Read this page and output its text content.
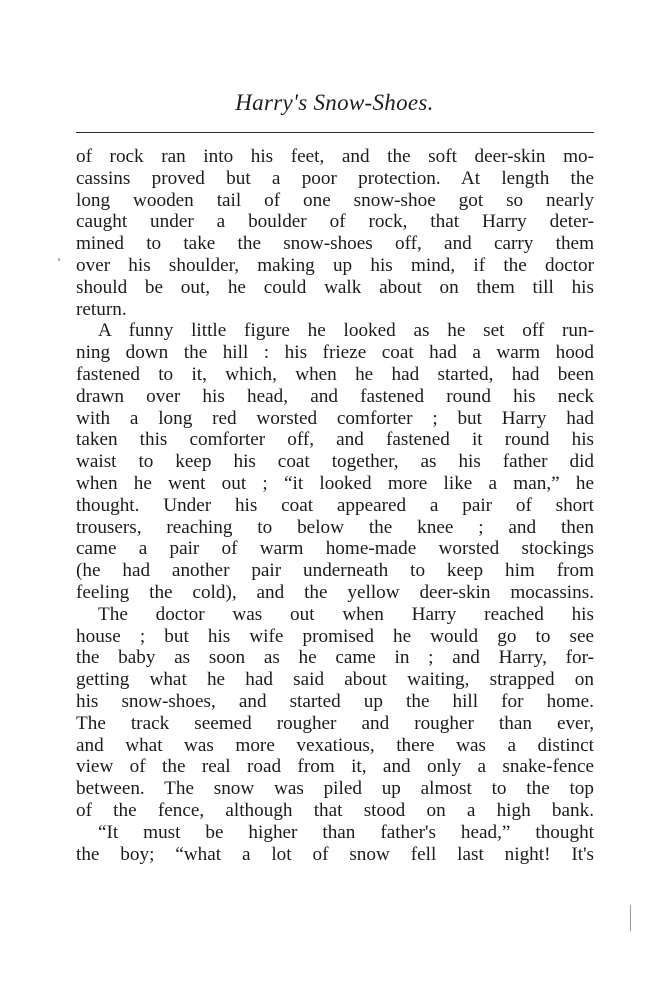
Harry's Snow-Shoes.
of rock ran into his feet, and the soft deer-skin mo-
cassins proved but a poor protection. At length the
long wooden tail of one snow-shoe got so nearly
caught under a boulder of rock, that Harry deter-
mined to take the snow-shoes off, and carry them
over his shoulder, making up his mind, if the doctor
should be out, he could walk about on them till his
return.
A funny little figure he looked as he set off run-
ning down the hill : his frieze coat had a warm hood
fastened to it, which, when he had started, had been
drawn over his head, and fastened round his neck
with a long red worsted comforter ; but Harry had
taken this comforter off, and fastened it round his
waist to keep his coat together, as his father did
when he went out ; “it looked more like a man,” he
thought. Under his coat appeared a pair of short
trousers, reaching to below the knee ; and then
came a pair of warm home-made worsted stockings
(he had another pair underneath to keep him from
feeling the cold), and the yellow deer-skin mocassins.
The doctor was out when Harry reached his
house ; but his wife promised he would go to see
the baby as soon as he came in ; and Harry, for-
getting what he had said about waiting, strapped on
his snow-shoes, and started up the hill for home.
The track seemed rougher and rougher than ever,
and what was more vexatious, there was a distinct
view of the real road from it, and only a snake-fence
between. The snow was piled up almost to the top
of the fence, although that stood on a high bank.
“It must be higher than father's head,” thought
the boy; “what a lot of snow fell last night! It's
